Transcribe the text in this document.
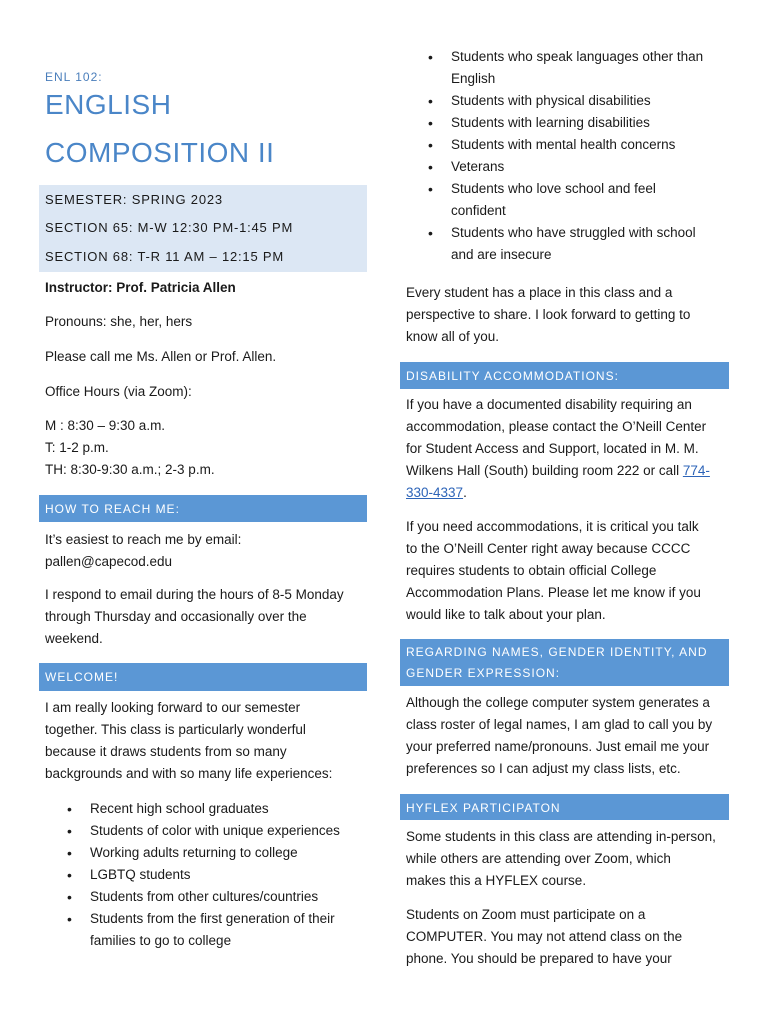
ENL 102:
ENGLISH
COMPOSITION II
SEMESTER: SPRING 2023
SECTION 65: M-W 12:30 PM-1:45 PM
SECTION 68: T-R 11 AM – 12:15 PM
Instructor: Prof. Patricia Allen
Pronouns: she, her, hers
Please call me Ms. Allen or Prof. Allen.
Office Hours (via Zoom):
M : 8:30 – 9:30 a.m.
T: 1-2 p.m.
TH: 8:30-9:30 a.m.; 2-3 p.m.
HOW TO REACH ME:
It’s easiest to reach me by email:
pallen@capecod.edu
I respond to email during the hours of 8-5 Monday
through Thursday and occasionally over the
weekend.
WELCOME!
I am really looking forward to our semester
together. This class is particularly wonderful
because it draws students from so many
backgrounds and with so many life experiences:
• Recent high school graduates
• Students of color with unique experiences
• Working adults returning to college
• LGBTQ students
• Students from other cultures/countries
• Students from the first generation of their
families to go to college
• Students who speak languages other than
English
• Students with physical disabilities
• Students with learning disabilities
• Students with mental health concerns
• Veterans
• Students who love school and feel
confident
• Students who have struggled with school
and are insecure
Every student has a place in this class and a
perspective to share. I look forward to getting to
know all of you.
DISABILITY ACCOMMODATIONS:
If you have a documented disability requiring an
accommodation, please contact the O’Neill Center
for Student Access and Support, located in M. M.
Wilkens Hall (South) building room 222 or call 774-
330-4337.
If you need accommodations, it is critical you talk
to the O’Neill Center right away because CCCC
requires students to obtain official College
Accommodation Plans. Please let me know if you
would like to talk about your plan.
REGARDING NAMES, GENDER IDENTITY, AND
GENDER EXPRESSION:
Although the college computer system generates a
class roster of legal names, I am glad to call you by
your preferred name/pronouns. Just email me your
preferences so I can adjust my class lists, etc.
HYFLEX PARTICIPATON
Some students in this class are attending in-person,
while others are attending over Zoom, which
makes this a HYFLEX course.
Students on Zoom must participate on a
COMPUTER. You may not attend class on the
phone. You should be prepared to have your
